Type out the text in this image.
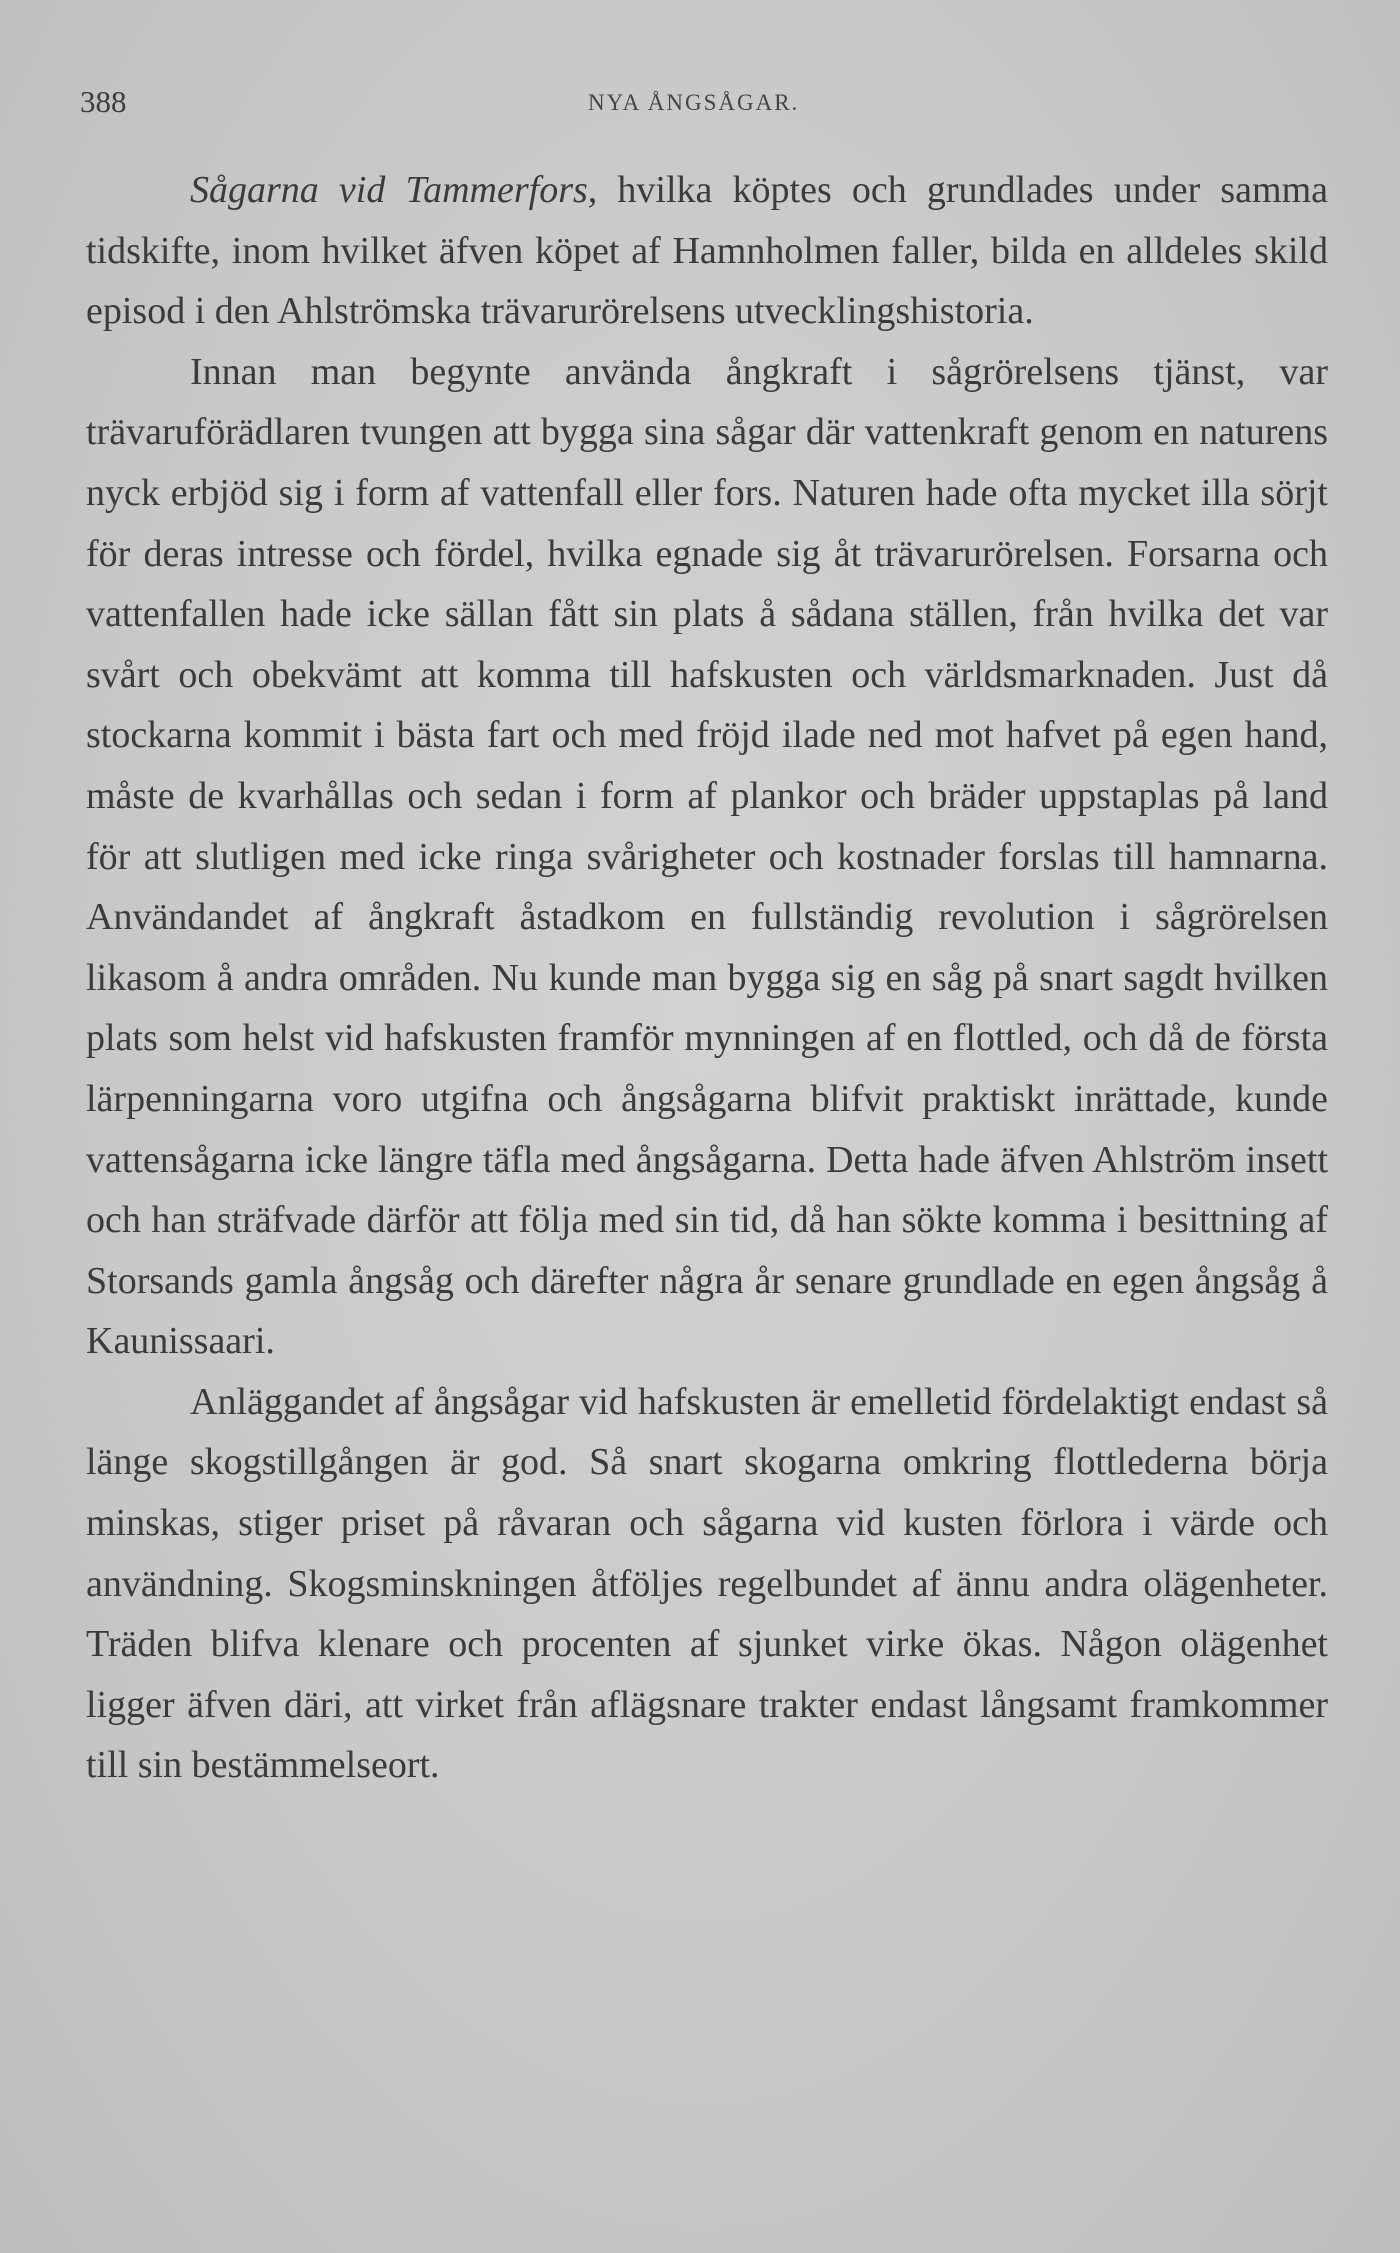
388	NYA ÅNGSÅGAR.

Sågarna vid Tammerfors, hvilka köptes och grundlades under samma tidskifte, inom hvilket äfven köpet af Hamnholmen faller, bilda en alldeles skild episod i den Ahlströmska trävarurörelsens utvecklingshistoria.

Innan man begynte använda ångkraft i sågrörelsens tjänst, var trävaruförädlaren tvungen att bygga sina sågar där vattenkraft genom en naturens nyck erbjöd sig i form af vattenfall eller fors. Naturen hade ofta mycket illa sörjt för deras intresse och fördel, hvilka egnade sig åt trävarurörelsen. Forsarna och vattenfallen hade icke sällan fått sin plats å sådana ställen, från hvilka det var svårt och obekvämt att komma till hafskusten och världsmarknaden. Just då stockarna kommit i bästa fart och med fröjd ilade ned mot hafvet på egen hand, måste de kvarhållas och sedan i form af plankor och bräder uppstaplas på land för att slutligen med icke ringa svårigheter och kostnader forslas till hamnarna. Användandet af ångkraft åstadkom en fullständig revolution i sågrörelsen likasom å andra områden. Nu kunde man bygga sig en såg på snart sagdt hvilken plats som helst vid hafskusten framför mynningen af en flottled, och då de första lärpenningarna voro utgifna och ångsågarna blifvit praktiskt inrättade, kunde vattensågarna icke längre täfla med ångsågarna. Detta hade äfven Ahlström insett och han sträfvade därför att följa med sin tid, då han sökte komma i besittning af Storsands gamla ångsåg och därefter några år senare grundlade en egen ångsåg å Kaunissaari.

Anläggandet af ångsågar vid hafskusten är emelletid fördelaktigt endast så länge skogstillgången är god. Så snart skogarna omkring flottlederna börja minskas, stiger priset på råvaran och sågarna vid kusten förlora i värde och användning. Skogsminskningen åtföljes regelbundet af ännu andra olägenheter. Träden blifva klenare och procenten af sjunket virke ökas. Någon olägenhet ligger äfven däri, att virket från aflägsnare trakter endast långsamt framkommer till sin bestämmelseort.
